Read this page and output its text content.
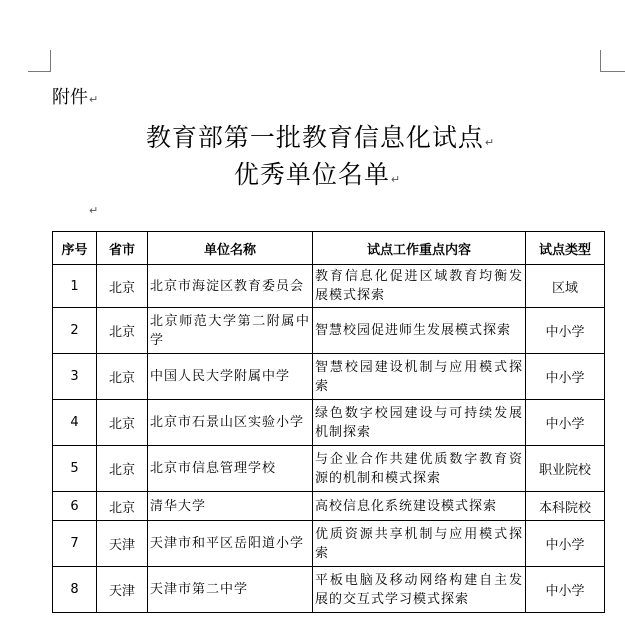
附件↵
教育部第一批教育信息化试点↵
优秀单位名单↵
↵
序号	省市	单位名称	试点工作重点内容	试点类型
1	北京	北京市海淀区教育委员会	教育信息化促进区域教育均衡发展模式探索	区域
2	北京	北京师范大学第二附属中学	智慧校园促进师生发展模式探索	中小学
3	北京	中国人民大学附属中学	智慧校园建设机制与应用模式探索	中小学
4	北京	北京市石景山区实验小学	绿色数字校园建设与可持续发展机制探索	中小学
5	北京	北京市信息管理学校	与企业合作共建优质数字教育资源的机制和模式探索	职业院校
6	北京	清华大学	高校信息化系统建设模式探索	本科院校
7	天津	天津市和平区岳阳道小学	优质资源共享机制与应用模式探索	中小学
8	天津	天津市第二中学	平板电脑及移动网络构建自主发展的交互式学习模式探索	中小学
